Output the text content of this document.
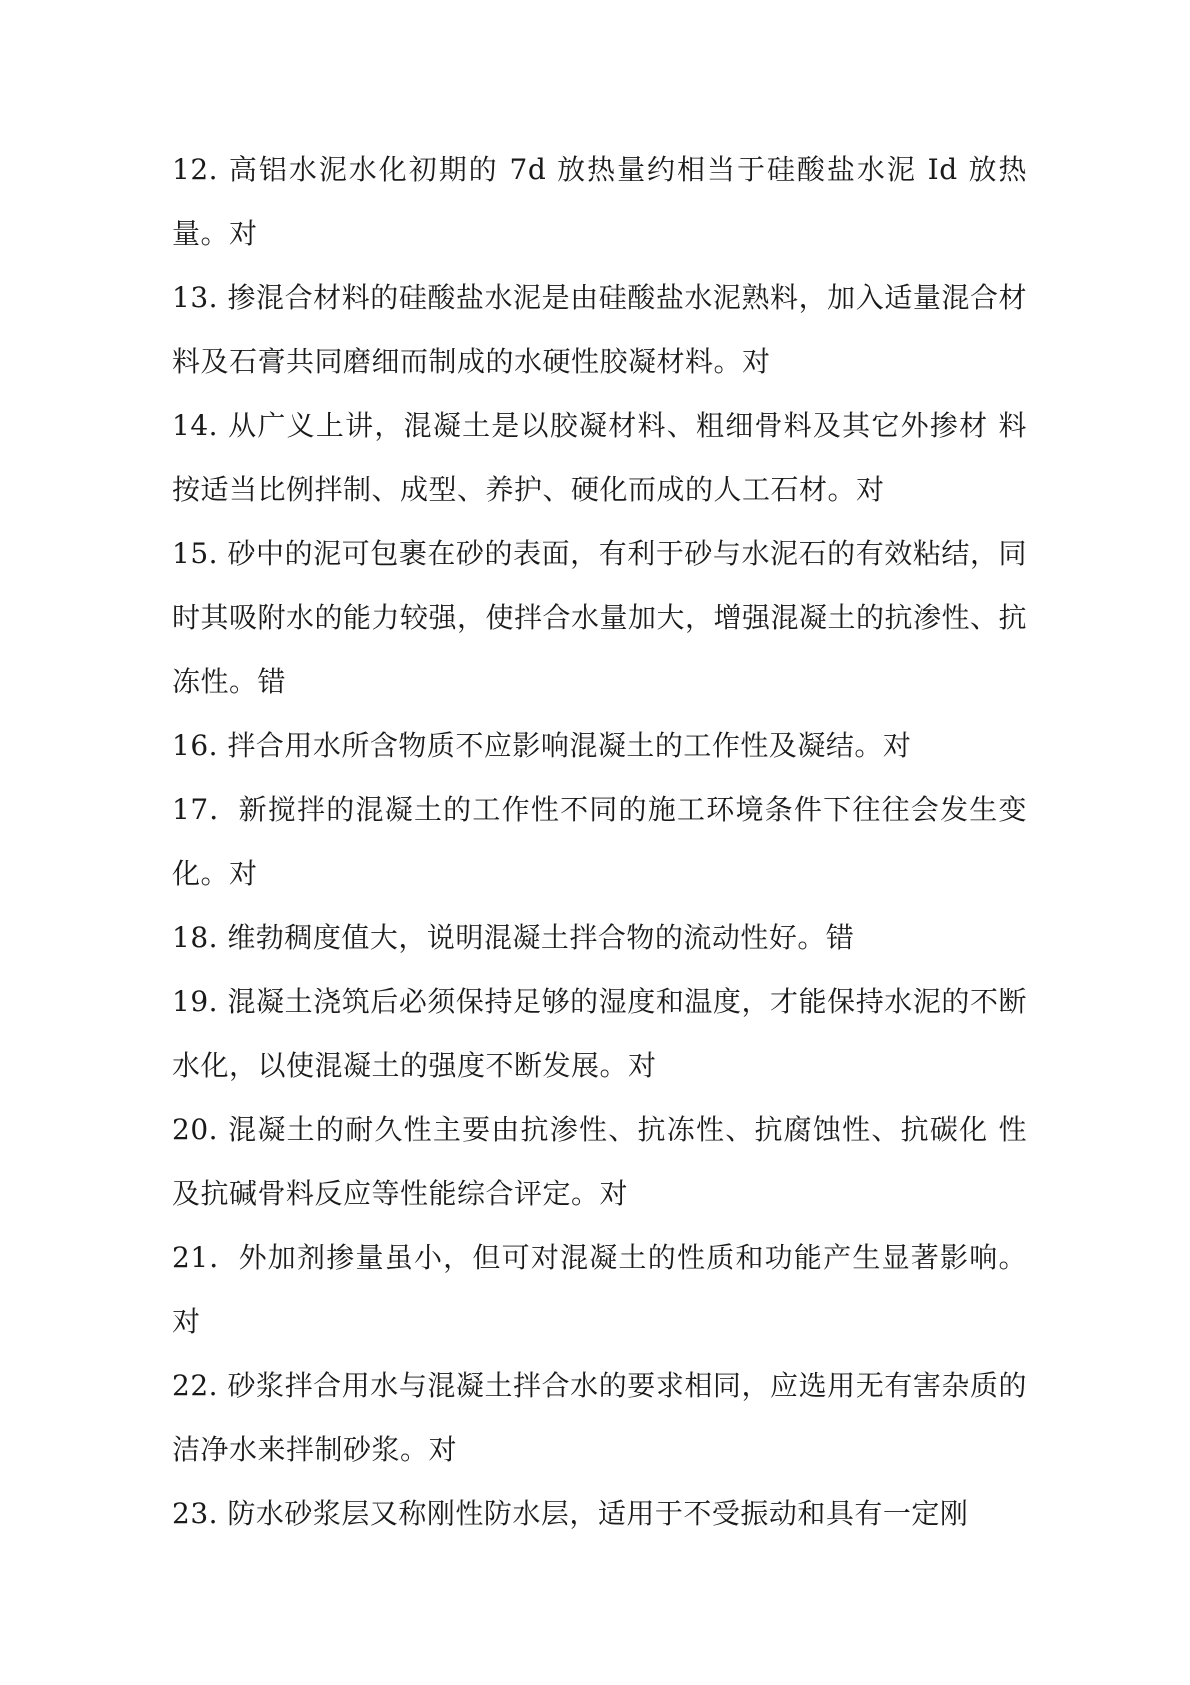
12. 高铝水泥水化初期的 7d 放热量约相当于硅酸盐水泥 Id 放热量。对

13. 掺混合材料的硅酸盐水泥是由硅酸盐水泥熟料，加入适量混合材料及石膏共同磨细而制成的水硬性胶凝材料。对

14. 从广义上讲，混凝土是以胶凝材料、粗细骨料及其它外掺材 料按适当比例拌制、成型、养护、硬化而成的人工石材。对

15. 砂中的泥可包裹在砂的表面，有利于砂与水泥石的有效粘结，同时其吸附水的能力较强，使拌合水量加大，增强混凝土的抗渗性、抗冻性。错

16. 拌合用水所含物质不应影响混凝土的工作性及凝结。对

17．新搅拌的混凝土的工作性不同的施工环境条件下往往会发生变化。对

18. 维勃稠度值大，说明混凝土拌合物的流动性好。错

19. 混凝土浇筑后必须保持足够的湿度和温度，才能保持水泥的不断水化，以使混凝土的强度不断发展。对

20. 混凝土的耐久性主要由抗渗性、抗冻性、抗腐蚀性、抗碳化 性及抗碱骨料反应等性能综合评定。对

21．外加剂掺量虽小，但可对混凝土的性质和功能产生显著影响。对

22. 砂浆拌合用水与混凝土拌合水的要求相同，应选用无有害杂质的洁净水来拌制砂浆。对

23. 防水砂浆层又称刚性防水层，适用于不受振动和具有一定刚
